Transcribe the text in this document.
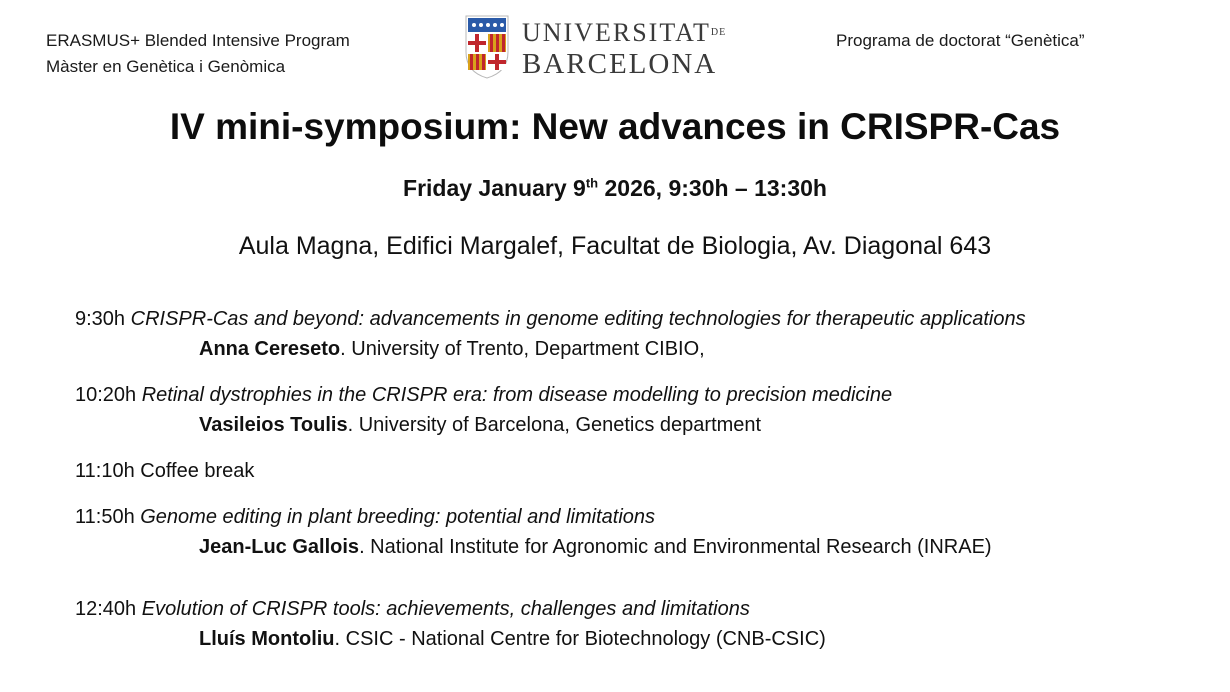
ERASMUS+ Blended Intensive Program
Màster en Genètica i Genòmica
$UNIVERSITAT^{DE}$
BARCELONA
Programa de doctorat “Genètica”
IV mini-symposium: New advances in CRISPR-Cas
Friday January 9th 2026, 9:30h – 13:30h
Aula Magna, Edifici Margalef, Facultat de Biologia, Av. Diagonal 643
9:30h CRISPR-Cas and beyond: advancements in genome editing technologies for therapeutic applications
Anna Cereseto. University of Trento, Department CIBIO,
10:20h Retinal dystrophies in the CRISPR era: from disease modelling to precision medicine
Vasileios Toulis. University of Barcelona, Genetics department
11:10h Coffee break
11:50h Genome editing in plant breeding: potential and limitations
Jean-Luc Gallois. National Institute for Agronomic and Environmental Research (INRAE)
12:40h Evolution of CRISPR tools: achievements, challenges and limitations
Lluís Montoliu. CSIC - National Centre for Biotechnology (CNB-CSIC)
